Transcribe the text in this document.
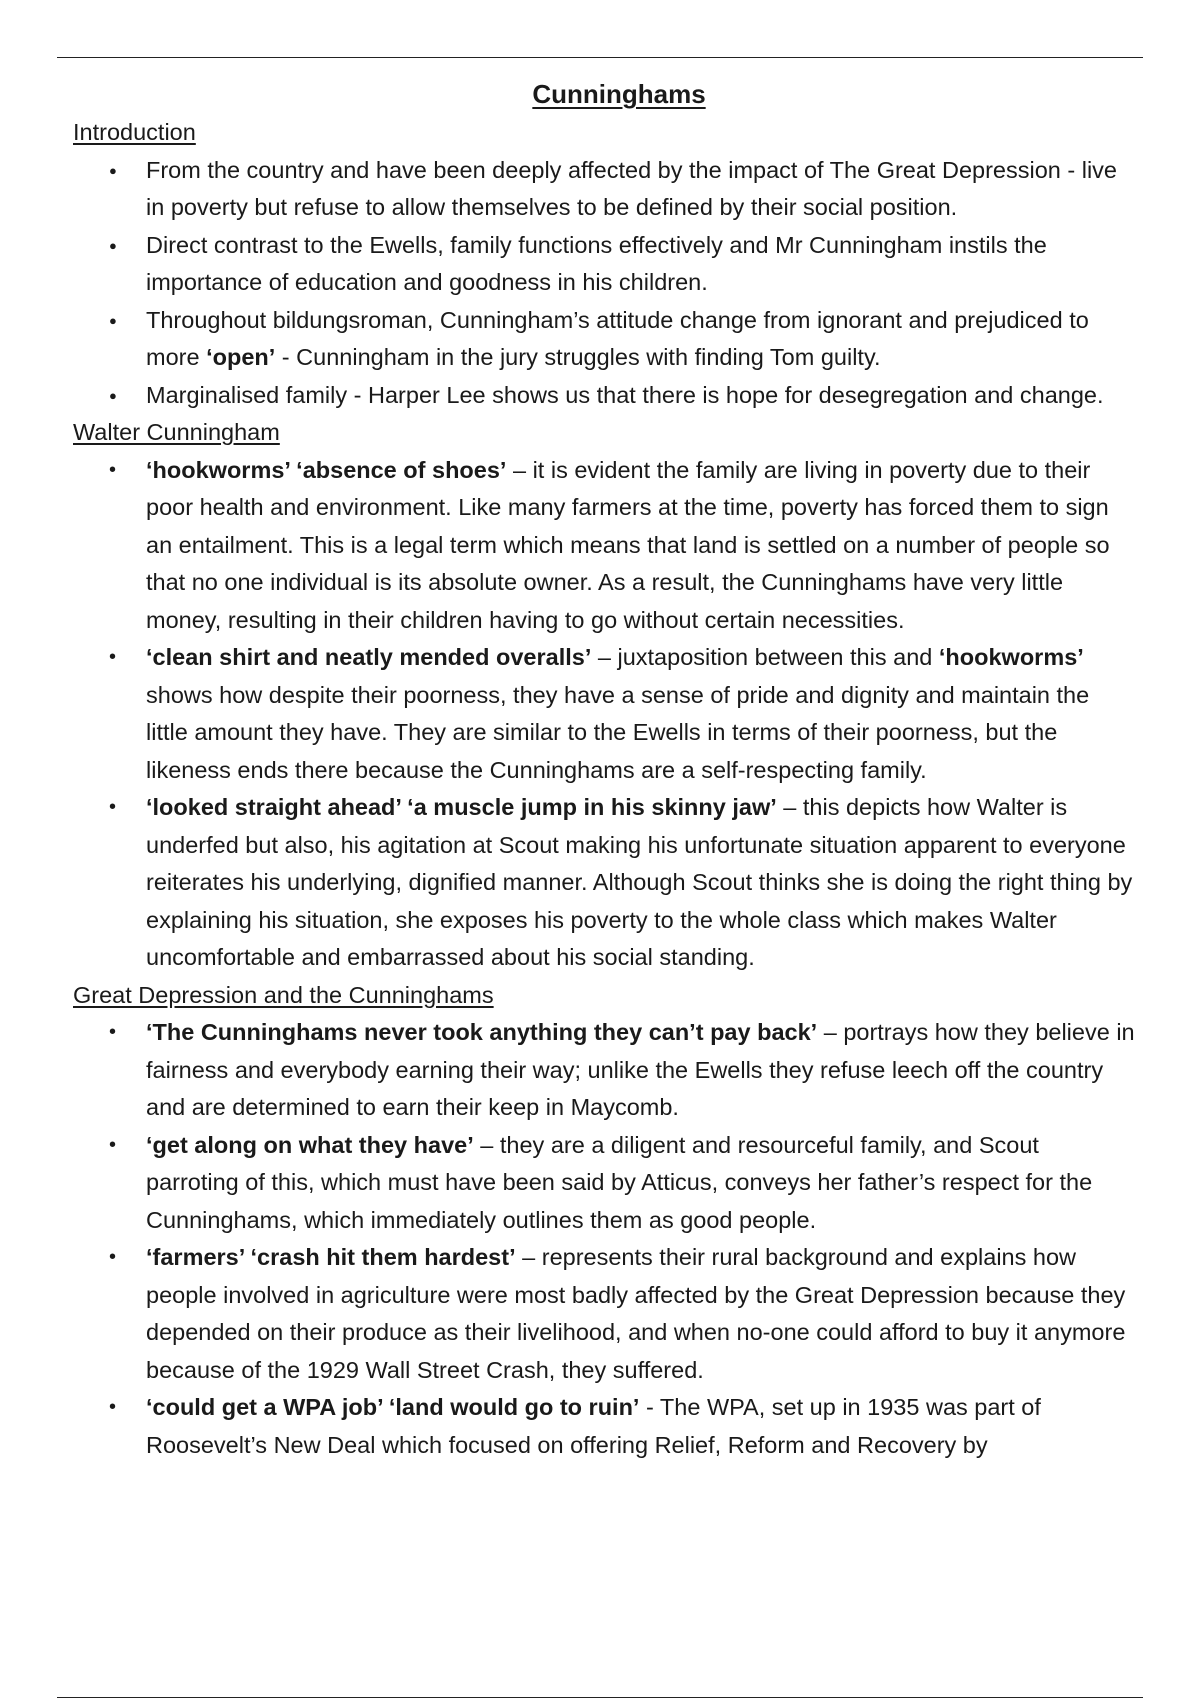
Cunninghams
Introduction
● From the country and have been deeply affected by the impact of The Great Depression - live in poverty but refuse to allow themselves to be defined by their social position.
● Direct contrast to the Ewells, family functions effectively and Mr Cunningham instils the importance of education and goodness in his children.
● Throughout bildungsroman, Cunningham’s attitude change from ignorant and prejudiced to more ‘open’ - Cunningham in the jury struggles with finding Tom guilty.
● Marginalised family - Harper Lee shows us that there is hope for desegregation and change.
Walter Cunningham
• ‘hookworms’ ‘absence of shoes’ – it is evident the family are living in poverty due to their poor health and environment. Like many farmers at the time, poverty has forced them to sign an entailment. This is a legal term which means that land is settled on a number of people so that no one individual is its absolute owner. As a result, the Cunninghams have very little money, resulting in their children having to go without certain necessities.
• ‘clean shirt and neatly mended overalls’ – juxtaposition between this and ‘hookworms’ shows how despite their poorness, they have a sense of pride and dignity and maintain the little amount they have. They are similar to the Ewells in terms of their poorness, but the likeness ends there because the Cunninghams are a self-respecting family.
• ‘looked straight ahead’ ‘a muscle jump in his skinny jaw’ – this depicts how Walter is underfed but also, his agitation at Scout making his unfortunate situation apparent to everyone reiterates his underlying, dignified manner. Although Scout thinks she is doing the right thing by explaining his situation, she exposes his poverty to the whole class which makes Walter uncomfortable and embarrassed about his social standing.
Great Depression and the Cunninghams
• ‘The Cunninghams never took anything they can’t pay back’ – portrays how they believe in fairness and everybody earning their way; unlike the Ewells they refuse leech off the country and are determined to earn their keep in Maycomb.
• ‘get along on what they have’ – they are a diligent and resourceful family, and Scout parroting of this, which must have been said by Atticus, conveys her father’s respect for the Cunninghams, which immediately outlines them as good people.
• ‘farmers’ ‘crash hit them hardest’ – represents their rural background and explains how people involved in agriculture were most badly affected by the Great Depression because they depended on their produce as their livelihood, and when no-one could afford to buy it anymore because of the 1929 Wall Street Crash, they suffered.
• ‘could get a WPA job’ ‘land would go to ruin’ - The WPA, set up in 1935 was part of Roosevelt’s New Deal which focused on offering Relief, Reform and Recovery by
